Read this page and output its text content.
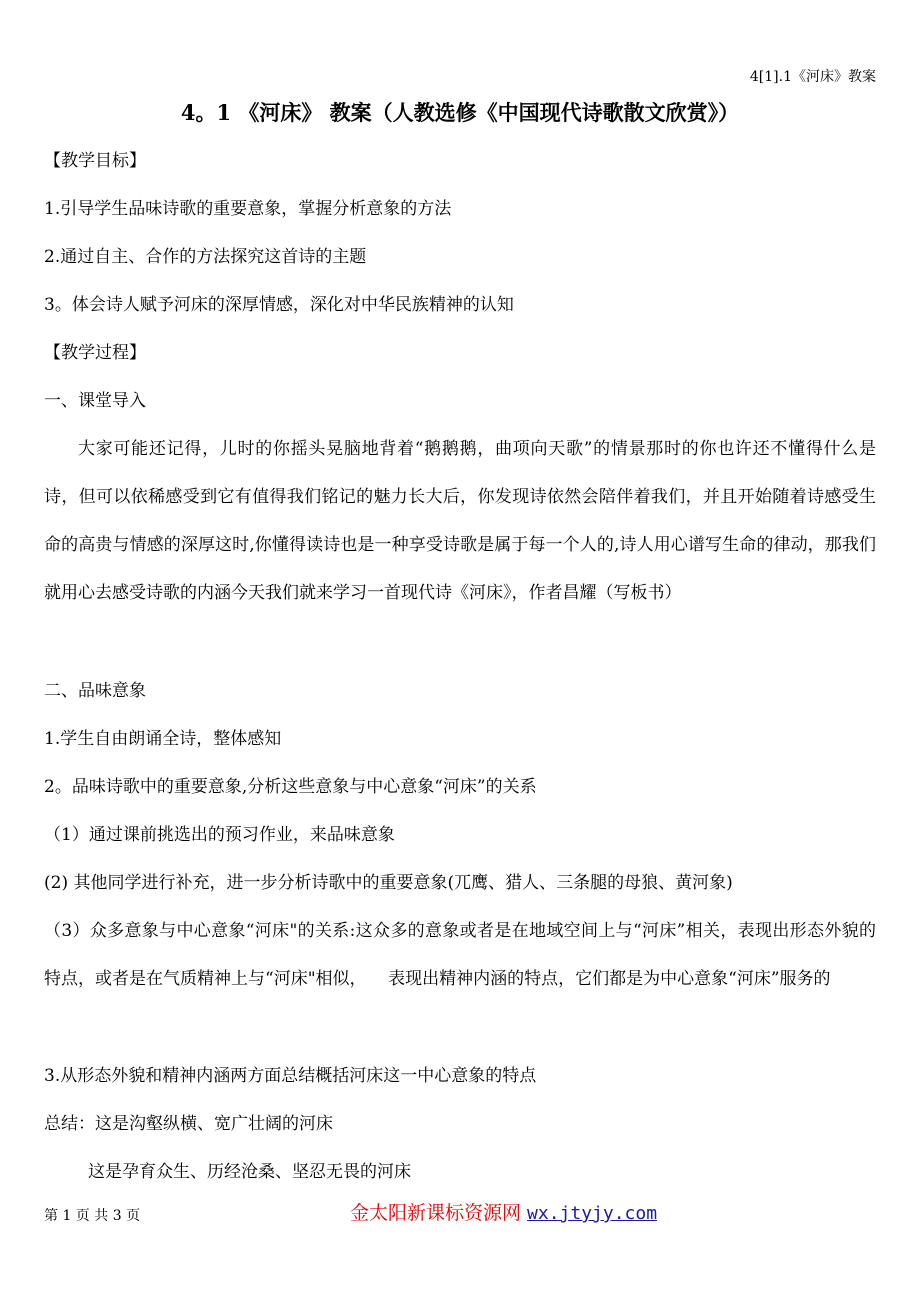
4[1].1《河床》教案
4。1 《河床》 教案（人教选修《中国现代诗歌散文欣赏》）
【教学目标】
1.引导学生品味诗歌的重要意象，掌握分析意象的方法
2.通过自主、合作的方法探究这首诗的主题
3。体会诗人赋予河床的深厚情感，深化对中华民族精神的认知
【教学过程】
一、课堂导入

大家可能还记得，儿时的你摇头晃脑地背着“鹅鹅鹅，曲项向天歌”的情景那时的你也许还不懂得什么是诗，但可以依稀感受到它有值得我们铭记的魅力长大后，你发现诗依然会陪伴着我们，并且开始随着诗感受生命的高贵与情感的深厚这时,你懂得读诗也是一种享受诗歌是属于每一个人的,诗人用心谱写生命的律动，那我们就用心去感受诗歌的内涵今天我们就来学习一首现代诗《河床》，作者昌耀（写板书）

二、品味意象
1.学生自由朗诵全诗，整体感知
2。品味诗歌中的重要意象,分析这些意象与中心意象“河床”的关系
（1）通过课前挑选出的预习作业，来品味意象
(2) 其他同学进行补充，进一步分析诗歌中的重要意象(兀鹰、猎人、三条腿的母狼、黄河象)

（3）众多意象与中心意象“河床"的关系:这众多的意象或者是在地域空间上与“河床”相关，表现出形态外貌的特点，或者是在气质精神上与“河床"相似，    表现出精神内涵的特点，它们都是为中心意象“河床”服务的

3.从形态外貌和精神内涵两方面总结概括河床这一中心意象的特点
总结：这是沟壑纵横、宽广壮阔的河床
这是孕育众生、历经沧桑、坚忍无畏的河床
第 1 页 共 3 页	金太阳新课标资源网 wx.jtyjy.com
